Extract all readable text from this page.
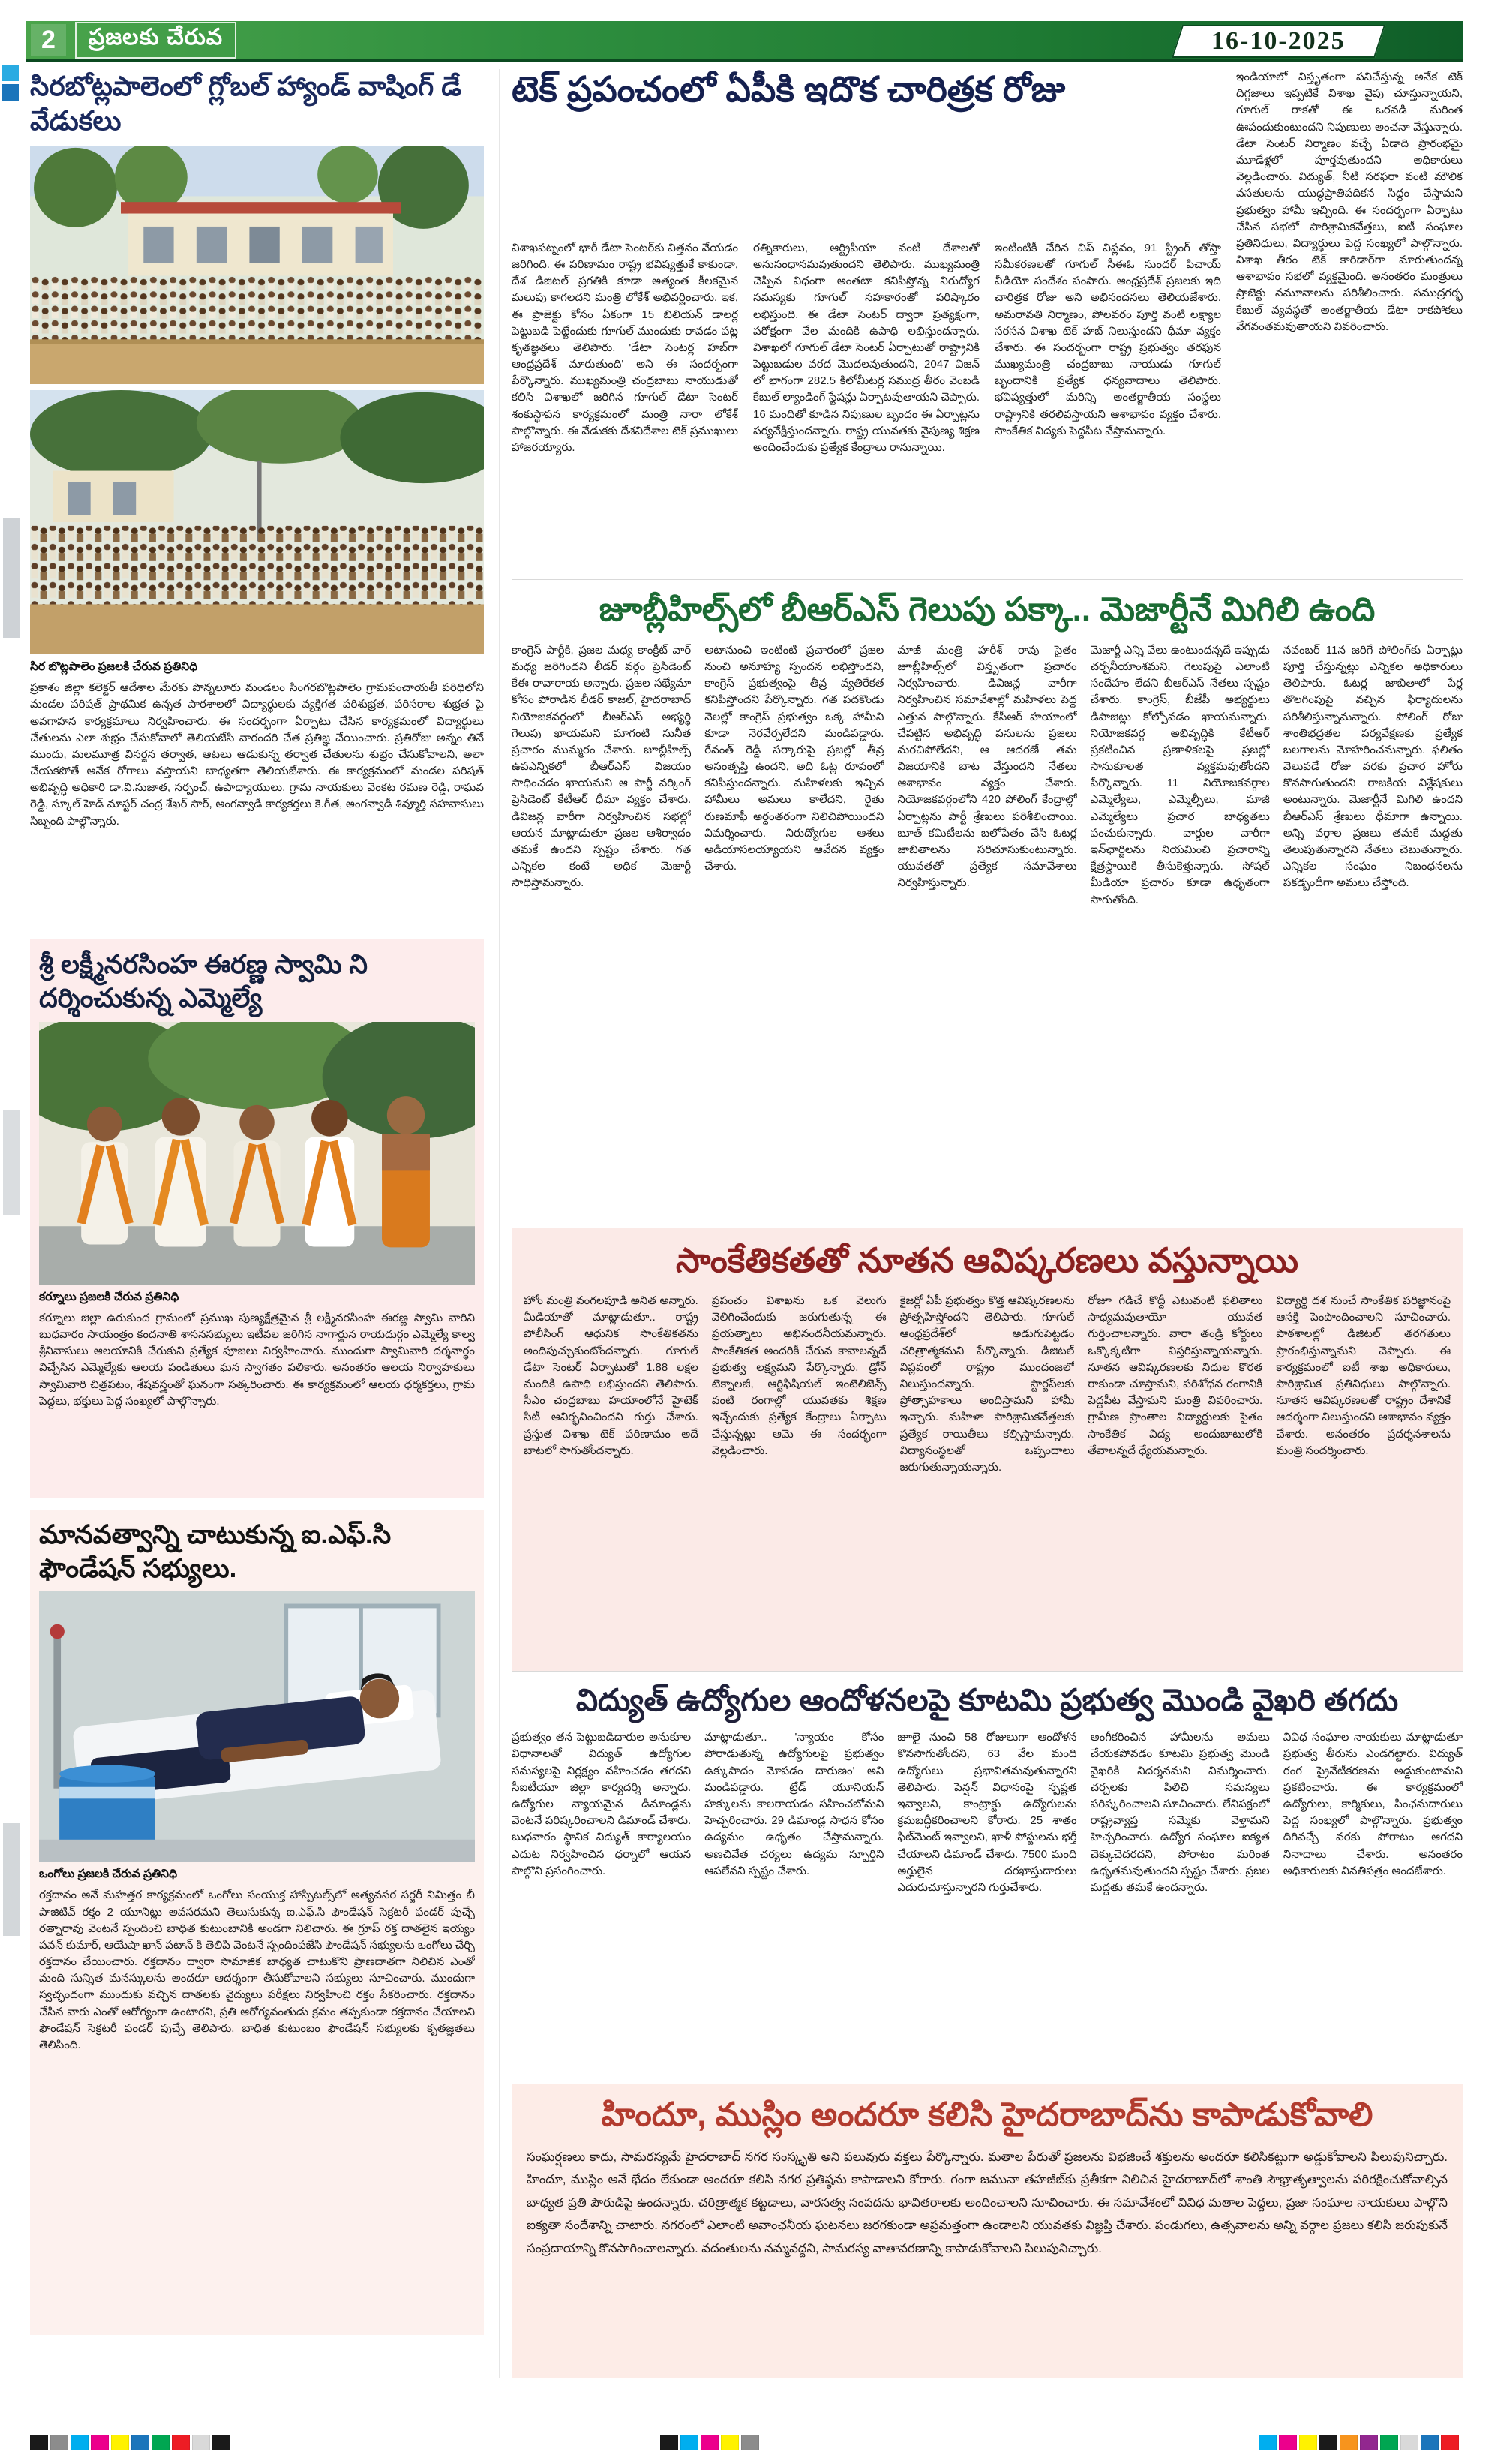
2	ప్రజలకు చేరువ	16-10-2025
సిరబోట్లపాలెంలో గ్లోబల్ హ్యాండ్ వాషింగ్ డే వేడుకలు
సిర బొట్లపాలెం ప్రజలకి చేరువ ప్రతినిధి
ప్రకాశం జిల్లా కలెక్టర్ ఆదేశాల మేరకు పొన్నలూరు మండలం సింగరబొట్లపాలెం గ్రామపంచాయతీ పరిధిలోని మండల పరిషత్ ప్రాథమిక ఉన్నత పాఠశాలలో విద్యార్థులకు వ్యక్తిగత పరిశుభ్రత, పరిసరాల శుభ్రత పై అవగాహన కార్యక్రమాలు నిర్వహించారు. ఈ సందర్భంగా ఏర్పాటు చేసిన కార్యక్రమంలో విద్యార్థులు చేతులను ఎలా శుభ్రం చేసుకోవాలో తెలియజేసి వారందరి చేత ప్రతిజ్ఞ చేయించారు. ప్రతిరోజు అన్నం తినే ముందు, మలమూత్ర విసర్జన తర్వాత, ఆటలు ఆడుకున్న తర్వాత చేతులను శుభ్రం చేసుకోవాలని, అలా చేయకపోతే అనేక రోగాలు వస్తాయని బాధ్యతగా తెలియజేశారు. ఈ కార్యక్రమంలో మండల పరిషత్ అభివృద్ధి అధికారి డా.వి.సుజాత, సర్పంచ్, ఉపాధ్యాయులు, గ్రామ నాయకులు వెంకట రమణ రెడ్డి, రాఘవ రెడ్డి, స్కూల్ హెడ్ మాస్టర్ చంద్ర శేఖర్ సార్, అంగన్వాడీ కార్యకర్తలు కె.గీత, అంగన్వాడీ శివ్మూర్తి సహవాసులు సిబ్బంది పాల్గొన్నారు.
శ్రీ లక్ష్మీనరసింహ ఈరణ్ణ స్వామి ని దర్శించుకున్న ఎమ్మెల్యే
కర్నూలు ప్రజలకి చేరువ ప్రతినిధి
కర్నూలు జిల్లా ఉరుకుంద గ్రామంలో ప్రముఖ పుణ్యక్షేత్రమైన శ్రీ లక్ష్మీనరసింహ ఈరణ్ణ స్వామి వారిని బుధవారం సాయంత్రం కందనాతి శాసనసభ్యులు ఇటీవల జరిగిన నాగార్జున రాయదుర్గం ఎమ్మెల్యే కాల్వ శ్రీనివాసులు ఆలయానికి చేరుకుని ప్రత్యేక పూజలు నిర్వహించారు. ముందుగా స్వామివారి దర్శనార్థం విచ్చేసిన ఎమ్మెల్యేకు ఆలయ పండితులు ఘన స్వాగతం పలికారు. అనంతరం ఆలయ నిర్వాహకులు స్వామివారి చిత్రపటం, శేషవస్త్రంతో ఘనంగా సత్కరించారు. ఈ కార్యక్రమంలో ఆలయ ధర్మకర్తలు, గ్రామ పెద్దలు, భక్తులు పెద్ద సంఖ్యలో పాల్గొన్నారు.
మానవత్వాన్ని చాటుకున్న ఐ.ఎఫ్.సి ఫౌండేషన్ సభ్యులు.
ఒంగోలు ప్రజలకి చేరువ ప్రతినిధి
రక్తదానం అనే మహత్తర కార్యక్రమంలో ఒంగోలు సంయుక్త హాస్పిటల్స్‌లో అత్యవసర సర్జరీ నిమిత్తం బీ పాజిటివ్ రక్తం 2 యూనిట్లు అవసరమని తెలుసుకున్న ఐ.ఎఫ్.సి ఫౌండేషన్ సెక్రటరీ ఫండర్ పుచ్చే రత్నారావు వెంటనే స్పందించి బాధిత కుటుంబానికి అండగా నిలిచారు. ఈ గ్రూప్ రక్త దాతలైన ఇయ్యం పవన్ కుమార్, ఆయేషా ఖాన్ పటాన్ కి తెలిపి వెంటనే స్పందింపజేసి ఫౌండేషన్ సభ్యులను ఒంగోలు చేర్చి రక్తదానం చేయించారు. రక్తదానం ద్వారా సామాజిక బాధ్యత చాటుకొని ప్రాణదాతగా నిలిచిన ఎంతో మంది సున్నిత మనస్కులను అందరూ ఆదర్శంగా తీసుకోవాలని సభ్యులు సూచించారు. ముందుగా స్వచ్ఛందంగా ముందుకు వచ్చిన దాతలకు వైద్యులు పరీక్షలు నిర్వహించి రక్తం సేకరించారు. రక్తదానం చేసిన వారు ఎంతో ఆరోగ్యంగా ఉంటారని, ప్రతి ఆరోగ్యవంతుడు క్రమం తప్పకుండా రక్తదానం చేయాలని ఫౌండేషన్ సెక్రటరీ ఫండర్ పుచ్చే తెలిపారు. బాధిత కుటుంబం ఫౌండేషన్ సభ్యులకు కృతజ్ఞతలు తెలిపింది.
టెక్ ప్రపంచంలో ఏపీకి ఇదొక చారిత్రక రోజు
విశాఖపట్నంలో భారీ డేటా సెంటర్‌కు విత్తనం వేయడం జరిగింది. ఈ పరిణామం రాష్ట్ర భవిష్యత్తుకే కాకుండా, దేశ డిజిటల్ ప్రగతికి కూడా అత్యంత కీలకమైన మలుపు కాగలదని మంత్రి లోకేశ్ అభివర్ణించారు. ఇక, ఈ ప్రాజెక్టు కోసం ఏకంగా 15 బిలియన్ డాలర్ల పెట్టుబడి పెట్టేందుకు గూగుల్ ముందుకు రావడం పట్ల కృతజ్ఞతలు తెలిపారు. 'డేటా సెంటర్ల హబ్‌గా ఆంధ్రప్రదేశ్ మారుతుంది' అని ఈ సందర్భంగా పేర్కొన్నారు. ముఖ్యమంత్రి చంద్రబాబు నాయుడుతో కలిసి విశాఖలో జరిగిన గూగుల్ డేటా సెంటర్ శంకుస్థాపన కార్యక్రమంలో మంత్రి నారా లోకేశ్ పాల్గొన్నారు. ఈ వేడుకకు దేశవిదేశాల టెక్ ప్రముఖులు హాజరయ్యారు.
రత్నికారులు, ఆర్ట్రిపియా వంటి దేశాలతో అనుసంధానమవుతుందని తెలిపారు. ముఖ్యమంత్రి చెప్పిన విధంగా అంతటా కనిపిస్తోన్న నిరుద్యోగ సమస్యకు గూగుల్ సహకారంతో పరిష్కారం లభిస్తుంది. ఈ డేటా సెంటర్ ద్వారా ప్రత్యక్షంగా, పరోక్షంగా వేల మందికి ఉపాధి లభిస్తుందన్నారు. విశాఖలో గూగుల్ డేటా సెంటర్ ఏర్పాటుతో రాష్ట్రానికి పెట్టుబడుల వరద మొదలవుతుందని, 2047 విజన్ లో భాగంగా 282.5 కిలోమీటర్ల సముద్ర తీరం వెంబడి కేబుల్ ల్యాండింగ్ స్టేషన్లు ఏర్పాటవుతాయని చెప్పారు. 16 మందితో కూడిన నిపుణుల బృందం ఈ ఏర్పాట్లను పర్యవేక్షిస్తుందన్నారు. రాష్ట్ర యువతకు నైపుణ్య శిక్షణ అందించేందుకు ప్రత్యేక కేంద్రాలు రానున్నాయి.
ఇంటింటికీ చేరిన చిప్ విప్లవం, 91 స్ట్రింగ్ తోస్తా సమీకరణలతో గూగుల్ సీఈఓ సుందర్ పిచాయ్ వీడియో సందేశం పంపారు. ఆంధ్రప్రదేశ్ ప్రజలకు ఇది చారిత్రక రోజు అని అభినందనలు తెలియజేశారు. అమరావతి నిర్మాణం, పోలవరం పూర్తి వంటి లక్ష్యాల సరసన విశాఖ టెక్ హబ్ నిలుస్తుందని ధీమా వ్యక్తం చేశారు. ఈ సందర్భంగా రాష్ట్ర ప్రభుత్వం తరఫున ముఖ్యమంత్రి చంద్రబాబు నాయుడు గూగుల్ బృందానికి ప్రత్యేక ధన్యవాదాలు తెలిపారు. భవిష్యత్తులో మరిన్ని అంతర్జాతీయ సంస్థలు రాష్ట్రానికి తరలివస్తాయని ఆశాభావం వ్యక్తం చేశారు. సాంకేతిక విద్యకు పెద్దపీట వేస్తామన్నారు.
ఇండియాలో విస్తృతంగా పనిచేస్తున్న అనేక టెక్ దిగ్గజాలు ఇప్పటికే విశాఖ వైపు చూస్తున్నాయని, గూగుల్ రాకతో ఈ ఒరవడి మరింత ఊపందుకుంటుందని నిపుణులు అంచనా వేస్తున్నారు. డేటా సెంటర్ నిర్మాణం వచ్చే ఏడాది ప్రారంభమై మూడేళ్లలో పూర్తవుతుందని అధికారులు వెల్లడించారు. విద్యుత్, నీటి సరఫరా వంటి మౌలిక వసతులను యుద్ధప్రాతిపదికన సిద్ధం చేస్తామని ప్రభుత్వం హామీ ఇచ్చింది. ఈ సందర్భంగా ఏర్పాటు చేసిన సభలో పారిశ్రామికవేత్తలు, ఐటీ సంఘాల ప్రతినిధులు, విద్యార్థులు పెద్ద సంఖ్యలో పాల్గొన్నారు. విశాఖ తీరం టెక్ కారిడార్‌గా మారుతుందన్న ఆశాభావం సభలో వ్యక్తమైంది. అనంతరం మంత్రులు ప్రాజెక్టు నమూనాలను పరిశీలించారు. సముద్రగర్భ కేబుల్ వ్యవస్థతో అంతర్జాతీయ డేటా రాకపోకలు వేగవంతమవుతాయని వివరించారు.
జూబ్లీహిల్స్‌లో బీఆర్ఎస్ గెలుపు పక్కా.. మెజార్టీనే మిగిలి ఉంది
కాంగ్రెస్ పార్టీకి, ప్రజల మధ్య కాంక్రీట్ వార్ మధ్య జరిగిందని లీడర్ వర్గం ప్రెసిడెంట్ కేఈ రావారాయ అన్నారు. ప్రజల సభ్యేమా కోసం పోరాడిన లీడర్ కాజల్, హైదరాబాద్ నియోజకవర్గంలో బీఆర్ఎస్ అభ్యర్థి గెలుపు ఖాయమని మాగంటి సునీత ప్రచారం ముమ్మరం చేశారు. జూబ్లీహిల్స్ ఉపఎన్నికలో బీఆర్ఎస్ విజయం సాధించడం ఖాయమని ఆ పార్టీ వర్కింగ్ ప్రెసిడెంట్ కేటీఆర్ ధీమా వ్యక్తం చేశారు. డివిజన్ల వారీగా నిర్వహించిన సభల్లో ఆయన మాట్లాడుతూ ప్రజల ఆశీర్వాదం తమకే ఉందని స్పష్టం చేశారు. గత ఎన్నికల కంటే అధిక మెజార్టీ సాధిస్తామన్నారు.
అటానుంచి ఇంటింటి ప్రచారంలో ప్రజల నుంచి అనూహ్య స్పందన లభిస్తోందని, కాంగ్రెస్ ప్రభుత్వంపై తీవ్ర వ్యతిరేకత కనిపిస్తోందని పేర్కొన్నారు. గత పదకొండు నెలల్లో కాంగ్రెస్ ప్రభుత్వం ఒక్క హామీని కూడా నెరవేర్చలేదని మండిపడ్డారు. రేవంత్ రెడ్డి సర్కారుపై ప్రజల్లో తీవ్ర అసంతృప్తి ఉందని, అది ఓట్ల రూపంలో కనిపిస్తుందన్నారు. మహిళలకు ఇచ్చిన హామీలు అమలు కాలేదని, రైతు రుణమాఫీ అర్ధంతరంగా నిలిచిపోయిందని విమర్శించారు. నిరుద్యోగుల ఆశలు అడియాసలయ్యాయని ఆవేదన వ్యక్తం చేశారు.
మాజీ మంత్రి హరీశ్ రావు సైతం జూబ్లీహిల్స్‌లో విస్తృతంగా ప్రచారం నిర్వహించారు. డివిజన్ల వారీగా నిర్వహించిన సమావేశాల్లో మహిళలు పెద్ద ఎత్తున పాల్గొన్నారు. కేసీఆర్ హయాంలో చేపట్టిన అభివృద్ధి పనులను ప్రజలు మరచిపోలేదని, ఆ ఆదరణే తమ విజయానికి బాట వేస్తుందని నేతలు ఆశాభావం వ్యక్తం చేశారు. నియోజకవర్గంలోని 420 పోలింగ్ కేంద్రాల్లో ఏర్పాట్లను పార్టీ శ్రేణులు పరిశీలించాయి. బూత్ కమిటీలను బలోపేతం చేసి ఓటర్ల జాబితాలను సరిచూసుకుంటున్నారు. యువతతో ప్రత్యేక సమావేశాలు నిర్వహిస్తున్నారు.
మెజార్టీ ఎన్ని వేలు ఉంటుందన్నదే ఇప్పుడు చర్చనీయాంశమని, గెలుపుపై ఎలాంటి సందేహం లేదని బీఆర్ఎస్ నేతలు స్పష్టం చేశారు. కాంగ్రెస్, బీజేపీ అభ్యర్థులు డిపాజిట్లు కోల్పోవడం ఖాయమన్నారు. నియోజకవర్గ అభివృద్ధికి కేటీఆర్ ప్రకటించిన ప్రణాళికలపై ప్రజల్లో సానుకూలత వ్యక్తమవుతోందని పేర్కొన్నారు. 11 నియోజకవర్గాల ఎమ్మెల్యేలు, ఎమ్మెల్సీలు, మాజీ ఎమ్మెల్యేలు ప్రచార బాధ్యతలు పంచుకున్నారు. వార్డుల వారీగా ఇన్‌ఛార్జిలను నియమించి ప్రచారాన్ని క్షేత్రస్థాయికి తీసుకెళ్తున్నారు. సోషల్ మీడియా ప్రచారం కూడా ఉధృతంగా సాగుతోంది.
నవంబర్ 11న జరిగే పోలింగ్‌కు ఏర్పాట్లు పూర్తి చేస్తున్నట్లు ఎన్నికల అధికారులు తెలిపారు. ఓటర్ల జాబితాలో పేర్ల తొలగింపుపై వచ్చిన ఫిర్యాదులను పరిశీలిస్తున్నామన్నారు. పోలింగ్ రోజు శాంతిభద్రతల పర్యవేక్షణకు ప్రత్యేక బలగాలను మోహరించనున్నారు. ఫలితం వెలువడే రోజు వరకు ప్రచార హోరు కొనసాగుతుందని రాజకీయ విశ్లేషకులు అంటున్నారు. మెజార్టీనే మిగిలి ఉందని బీఆర్ఎస్ శ్రేణులు ధీమాగా ఉన్నాయి. అన్ని వర్గాల ప్రజలు తమకే మద్దతు తెలుపుతున్నారని నేతలు చెబుతున్నారు. ఎన్నికల సంఘం నిబంధనలను పకడ్బందీగా అమలు చేస్తోంది.
సాంకేతికతతో నూతన ఆవిష్కరణలు వస్తున్నాయి
హోం మంత్రి వంగలపూడి అనిత అన్నారు. మీడియాతో మాట్లాడుతూ.. రాష్ట్ర పోలీసింగ్ ఆధునిక సాంకేతికతను అందిపుచ్చుకుంటోందన్నారు. గూగుల్ డేటా సెంటర్ ఏర్పాటుతో 1.88 లక్షల మందికి ఉపాధి లభిస్తుందని తెలిపారు. సీఎం చంద్రబాబు హయాంలోనే హైటెక్ సిటీ ఆవిర్భవించిందని గుర్తు చేశారు. ప్రస్తుత విశాఖ టెక్ పరిణామం అదే బాటలో సాగుతోందన్నారు.
ప్రపంచం విశాఖను ఒక వెలుగు వెలిగించేందుకు జరుగుతున్న ఈ ప్రయత్నాలు అభినందనీయమన్నారు. సాంకేతికత అందరికీ చేరువ కావాలన్నదే ప్రభుత్వ లక్ష్యమని పేర్కొన్నారు. డ్రోన్ టెక్నాలజీ, ఆర్టిఫిషియల్ ఇంటెలిజెన్స్ వంటి రంగాల్లో యువతకు శిక్షణ ఇచ్చేందుకు ప్రత్యేక కేంద్రాలు ఏర్పాటు చేస్తున్నట్లు ఆమె ఈ సందర్భంగా వెల్లడించారు.
కైజర్లో ఏపీ ప్రభుత్వం కొత్త ఆవిష్కరణలను ప్రోత్సహిస్తోందని తెలిపారు. గూగుల్ ఆంధ్రప్రదేశ్‌లో అడుగుపెట్టడం చరిత్రాత్మకమని పేర్కొన్నారు. డిజిటల్ విప్లవంలో రాష్ట్రం ముందంజలో నిలుస్తుందన్నారు. స్టార్టప్‌లకు ప్రోత్సాహకాలు అందిస్తామని హామీ ఇచ్చారు. మహిళా పారిశ్రామికవేత్తలకు ప్రత్యేక రాయితీలు కల్పిస్తామన్నారు. విద్యాసంస్థలతో ఒప్పందాలు జరుగుతున్నాయన్నారు.
రోజూ గడిచే కొద్దీ ఎటువంటి ఫలితాలు సాధ్యమవుతాయో యువత గుర్తించాలన్నారు. వారా తండ్రి కోర్టులు ఒక్కొక్కటిగా విస్తరిస్తున్నాయన్నారు. నూతన ఆవిష్కరణలకు నిధుల కొరత రాకుండా చూస్తామని, పరిశోధన రంగానికి పెద్దపీట వేస్తామని మంత్రి వివరించారు. గ్రామీణ ప్రాంతాల విద్యార్థులకు సైతం సాంకేతిక విద్య అందుబాటులోకి తేవాలన్నదే ధ్యేయమన్నారు.
విద్యార్థి దశ నుంచే సాంకేతిక పరిజ్ఞానంపై ఆసక్తి పెంపొందించాలని సూచించారు. పాఠశాలల్లో డిజిటల్ తరగతులు ప్రారంభిస్తున్నామని చెప్పారు. ఈ కార్యక్రమంలో ఐటీ శాఖ అధికారులు, పారిశ్రామిక ప్రతినిధులు పాల్గొన్నారు. నూతన ఆవిష్కరణలతో రాష్ట్రం దేశానికే ఆదర్శంగా నిలుస్తుందని ఆశాభావం వ్యక్తం చేశారు. అనంతరం ప్రదర్శనశాలను మంత్రి సందర్శించారు.
విద్యుత్ ఉద్యోగుల ఆందోళనలపై కూటమి ప్రభుత్వ మొండి వైఖరి తగదు
ప్రభుత్వం తన పెట్టుబడిదారుల అనుకూల విధానాలతో విద్యుత్ ఉద్యోగుల సమస్యలపై నిర్లక్ష్యం వహించడం తగదని సీఐటీయూ జిల్లా కార్యదర్శి అన్నారు. ఉద్యోగుల న్యాయమైన డిమాండ్లను వెంటనే పరిష్కరించాలని డిమాండ్ చేశారు. బుధవారం స్థానిక విద్యుత్ కార్యాలయం ఎదుట నిర్వహించిన ధర్నాలో ఆయన పాల్గొని ప్రసంగించారు.
మాట్లాడుతూ.. 'న్యాయం కోసం పోరాడుతున్న ఉద్యోగులపై ప్రభుత్వం ఉక్కుపాదం మోపడం దారుణం' అని మండిపడ్డారు. ట్రేడ్ యూనియన్ హక్కులను కాలరాయడం సహించబోమని హెచ్చరించారు. 29 డిమాండ్ల సాధన కోసం ఉద్యమం ఉధృతం చేస్తామన్నారు. అణచివేత చర్యలు ఉద్యమ స్ఫూర్తిని ఆపలేవని స్పష్టం చేశారు.
జూలై నుంచి 58 రోజులుగా ఆందోళన కొనసాగుతోందని, 63 వేల మంది ఉద్యోగులు ప్రభావితమవుతున్నారని తెలిపారు. పెన్షన్ విధానంపై స్పష్టత ఇవ్వాలని, కాంట్రాక్టు ఉద్యోగులను క్రమబద్ధీకరించాలని కోరారు. 25 శాతం ఫిట్‌మెంట్ ఇవ్వాలని, ఖాళీ పోస్టులను భర్తీ చేయాలని డిమాండ్ చేశారు. 7500 మంది అర్హులైన దరఖాస్తుదారులు ఎదురుచూస్తున్నారని గుర్తుచేశారు.
అంగీకరించిన హామీలను అమలు చేయకపోవడం కూటమి ప్రభుత్వ మొండి వైఖరికి నిదర్శనమని విమర్శించారు. చర్చలకు పిలిచి సమస్యలు పరిష్కరించాలని సూచించారు. లేనిపక్షంలో రాష్ట్రవ్యాప్త సమ్మెకు వెళ్తామని హెచ్చరించారు. ఉద్యోగ సంఘాల ఐక్యత చెక్కుచెదరదని, పోరాటం మరింత ఉధృతమవుతుందని స్పష్టం చేశారు. ప్రజల మద్దతు తమకే ఉందన్నారు.
వివిధ సంఘాల నాయకులు మాట్లాడుతూ ప్రభుత్వ తీరును ఎండగట్టారు. విద్యుత్ రంగ ప్రైవేటీకరణను అడ్డుకుంటామని ప్రకటించారు. ఈ కార్యక్రమంలో ఉద్యోగులు, కార్మికులు, పింఛనుదారులు పెద్ద సంఖ్యలో పాల్గొన్నారు. ప్రభుత్వం దిగివచ్చే వరకు పోరాటం ఆగదని నినాదాలు చేశారు. అనంతరం అధికారులకు వినతిపత్రం అందజేశారు.
హిందూ, ముస్లిం అందరూ కలిసి హైదరాబాద్‌ను కాపాడుకోవాలి
సంఘర్షణలు కాదు, సామరస్యమే హైదరాబాద్ నగర సంస్కృతి అని పలువురు వక్తలు పేర్కొన్నారు. మతాల పేరుతో ప్రజలను విభజించే శక్తులను అందరూ కలిసికట్టుగా అడ్డుకోవాలని పిలుపునిచ్చారు. హిందూ, ముస్లిం అనే భేదం లేకుండా అందరూ కలిసి నగర ప్రతిష్ఠను కాపాడాలని కోరారు. గంగా జమునా తహజీబ్‌కు ప్రతీకగా నిలిచిన హైదరాబాద్‌లో శాంతి సౌభ్రాతృత్వాలను పరిరక్షించుకోవాల్సిన బాధ్యత ప్రతి పౌరుడిపై ఉందన్నారు. చరిత్రాత్మక కట్టడాలు, వారసత్వ సంపదను భావితరాలకు అందించాలని సూచించారు. ఈ సమావేశంలో వివిధ మతాల పెద్దలు, ప్రజా సంఘాల నాయకులు పాల్గొని ఐక్యతా సందేశాన్ని చాటారు. నగరంలో ఎలాంటి అవాంఛనీయ ఘటనలు జరగకుండా అప్రమత్తంగా ఉండాలని యువతకు విజ్ఞప్తి చేశారు. పండుగలు, ఉత్సవాలను అన్ని వర్గాల ప్రజలు కలిసి జరుపుకునే సంప్రదాయాన్ని కొనసాగించాలన్నారు. వదంతులను నమ్మవద్దని, సామరస్య వాతావరణాన్ని కాపాడుకోవాలని పిలుపునిచ్చారు.
